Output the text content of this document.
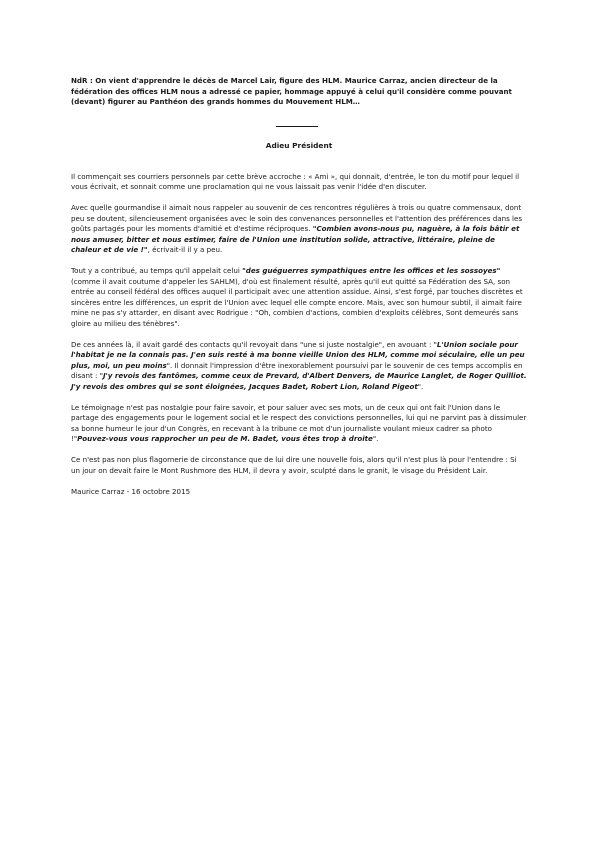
NdR : On vient d'apprendre le décès de Marcel Lair, figure des HLM. Maurice Carraz, ancien directeur de la fédération des offices HLM nous a adressé ce papier, hommage appuyé à celui qu'il considère comme pouvant (devant) figurer au Panthéon des grands hommes du Mouvement HLM…

Adieu Président

Il commençait ses courriers personnels par cette brève accroche : « Ami », qui donnait, d'entrée, le ton du motif pour lequel il vous écrivait, et sonnait comme une proclamation qui ne vous laissait pas venir l'idée d'en discuter.

Avec quelle gourmandise il aimait nous rappeler au souvenir de ces rencontres régulières à trois ou quatre commensaux, dont peu se doutent, silencieusement organisées avec le soin des convenances personnelles et l'attention des préférences dans les goûts partagés pour les moments d'amitié et d'estime réciproques. "Combien avons-nous pu, naguère, à la fois bâtir et nous amuser, bitter et nous estimer, faire de l'Union une institution solide, attractive, littéraire, pleine de chaleur et de vie !", écrivait-il il y a peu.

Tout y a contribué, au temps qu'il appelait celui "des guéguerres sympathiques entre les offices et les sossoyes" (comme il avait coutume d'appeler les SAHLM), d'où est finalement résulté, après qu'il eut quitté sa Fédération des SA, son entrée au conseil fédéral des offices auquel il participait avec une attention assidue. Ainsi, s'est forgé, par touches discrètes et sincères entre les différences, un esprit de l'Union avec lequel elle compte encore. Mais, avec son humour subtil, il aimait faire mine ne pas s'y attarder, en disant avec Rodrigue : "Oh, combien d'actions, combien d'exploits célèbres, Sont demeurés sans gloire au milieu des ténèbres".

De ces années là, il avait gardé des contacts qu'il revoyait dans "une si juste nostalgie", en avouant : "L'Union sociale pour l'habitat je ne la connais pas. J'en suis resté à ma bonne vieille Union des HLM, comme moi séculaire, elle un peu plus, moi, un peu moins". Il donnait l'impression d'être inexorablement poursuivi par le souvenir de ces temps accomplis en disant : "J'y revois des fantômes, comme ceux de Prevard, d'Albert Denvers, de Maurice Langlet, de Roger Quilliot. J'y revois des ombres qui se sont éloignées, Jacques Badet, Robert Lion, Roland Pigeot".

Le témoignage n'est pas nostalgie pour faire savoir, et pour saluer avec ses mots, un de ceux qui ont fait l'Union dans le partage des engagements pour le logement social et le respect des convictions personnelles, lui qui ne parvint pas à dissimuler sa bonne humeur le jour d'un Congrès, en recevant à la tribune ce mot d'un journaliste voulant mieux cadrer sa photo !"Pouvez-vous vous rapprocher un peu de M. Badet, vous êtes trop à droite".

Ce n'est pas non plus flagornerie de circonstance que de lui dire une nouvelle fois, alors qu'il n'est plus là pour l'entendre : Si un jour on devait faire le Mont Rushmore des HLM, il devra y avoir, sculpté dans le granit, le visage du Président Lair.

Maurice Carraz - 16 octobre 2015
